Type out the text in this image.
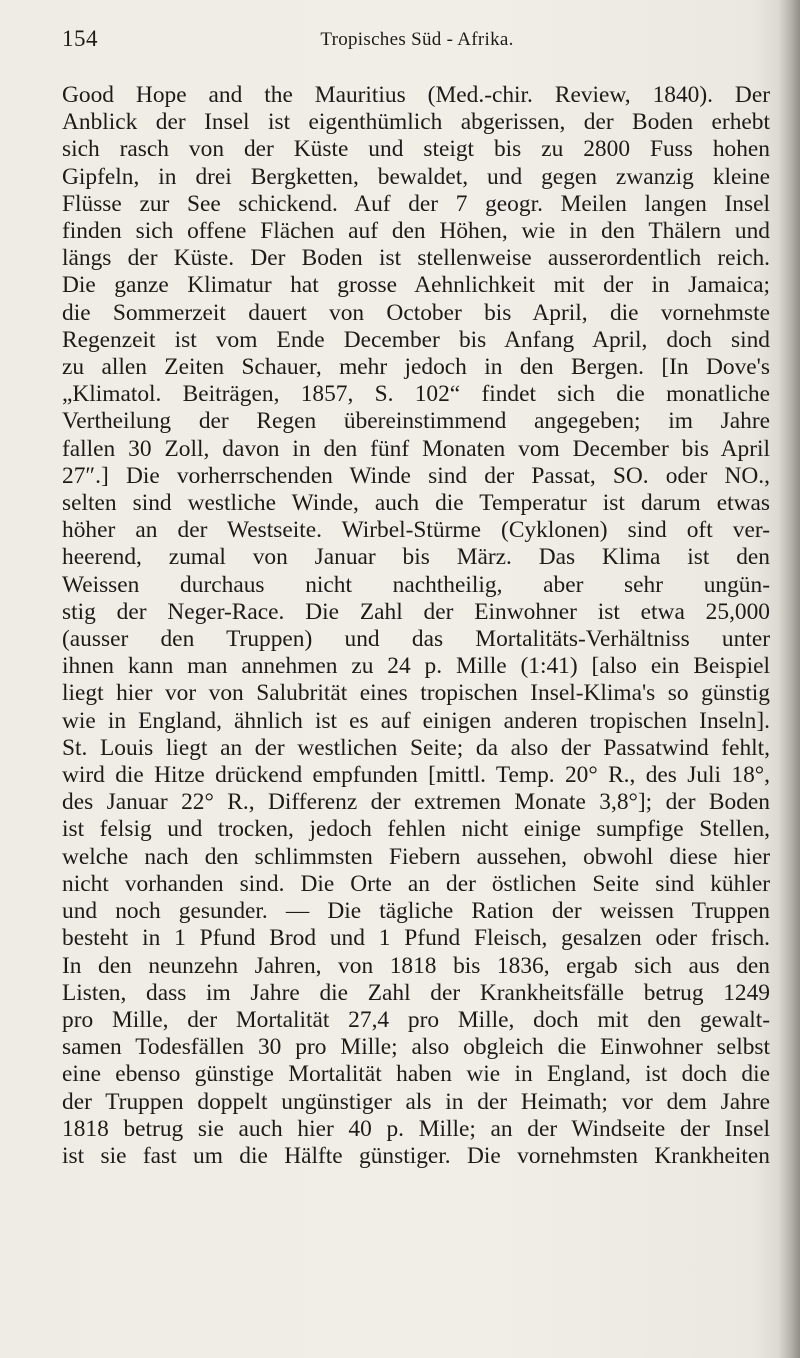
154	Tropisches Süd - Afrika.
Good Hope and the Mauritius (Med.-chir. Review, 1840). Der
Anblick der Insel ist eigenthümlich abgerissen, der Boden erhebt
sich rasch von der Küste und steigt bis zu 2800 Fuss hohen
Gipfeln, in drei Bergketten, bewaldet, und gegen zwanzig kleine
Flüsse zur See schickend. Auf der 7 geogr. Meilen langen Insel
finden sich offene Flächen auf den Höhen, wie in den Thälern und
längs der Küste. Der Boden ist stellenweise ausserordentlich reich.
Die ganze Klimatur hat grosse Aehnlichkeit mit der in Jamaica;
die Sommerzeit dauert von October bis April, die vornehmste
Regenzeit ist vom Ende December bis Anfang April, doch sind
zu allen Zeiten Schauer, mehr jedoch in den Bergen. [In Dove's
„Klimatol. Beiträgen, 1857, S. 102“ findet sich die monatliche
Vertheilung der Regen übereinstimmend angegeben; im Jahre
fallen 30 Zoll, davon in den fünf Monaten vom December bis April
27″.] Die vorherrschenden Winde sind der Passat, SO. oder NO.,
selten sind westliche Winde, auch die Temperatur ist darum etwas
höher an der Westseite. Wirbel-Stürme (Cyklonen) sind oft ver-
heerend, zumal von Januar bis März. Das Klima ist den
Weissen durchaus nicht nachtheilig, aber sehr ungün-
stig der Neger-Race. Die Zahl der Einwohner ist etwa 25,000
(ausser den Truppen) und das Mortalitäts-Verhältniss unter
ihnen kann man annehmen zu 24 p. Mille (1:41) [also ein Beispiel
liegt hier vor von Salubrität eines tropischen Insel-Klima's so günstig
wie in England, ähnlich ist es auf einigen anderen tropischen Inseln].
St. Louis liegt an der westlichen Seite; da also der Passatwind fehlt,
wird die Hitze drückend empfunden [mittl. Temp. 20° R., des Juli 18°,
des Januar 22° R., Differenz der extremen Monate 3,8°]; der Boden
ist felsig und trocken, jedoch fehlen nicht einige sumpfige Stellen,
welche nach den schlimmsten Fiebern aussehen, obwohl diese hier
nicht vorhanden sind. Die Orte an der östlichen Seite sind kühler
und noch gesunder. — Die tägliche Ration der weissen Truppen
besteht in 1 Pfund Brod und 1 Pfund Fleisch, gesalzen oder frisch.
In den neunzehn Jahren, von 1818 bis 1836, ergab sich aus den
Listen, dass im Jahre die Zahl der Krankheitsfälle betrug 1249
pro Mille, der Mortalität 27,4 pro Mille, doch mit den gewalt-
samen Todesfällen 30 pro Mille; also obgleich die Einwohner selbst
eine ebenso günstige Mortalität haben wie in England, ist doch die
der Truppen doppelt ungünstiger als in der Heimath; vor dem Jahre
1818 betrug sie auch hier 40 p. Mille; an der Windseite der Insel
ist sie fast um die Hälfte günstiger. Die vornehmsten Krankheiten
